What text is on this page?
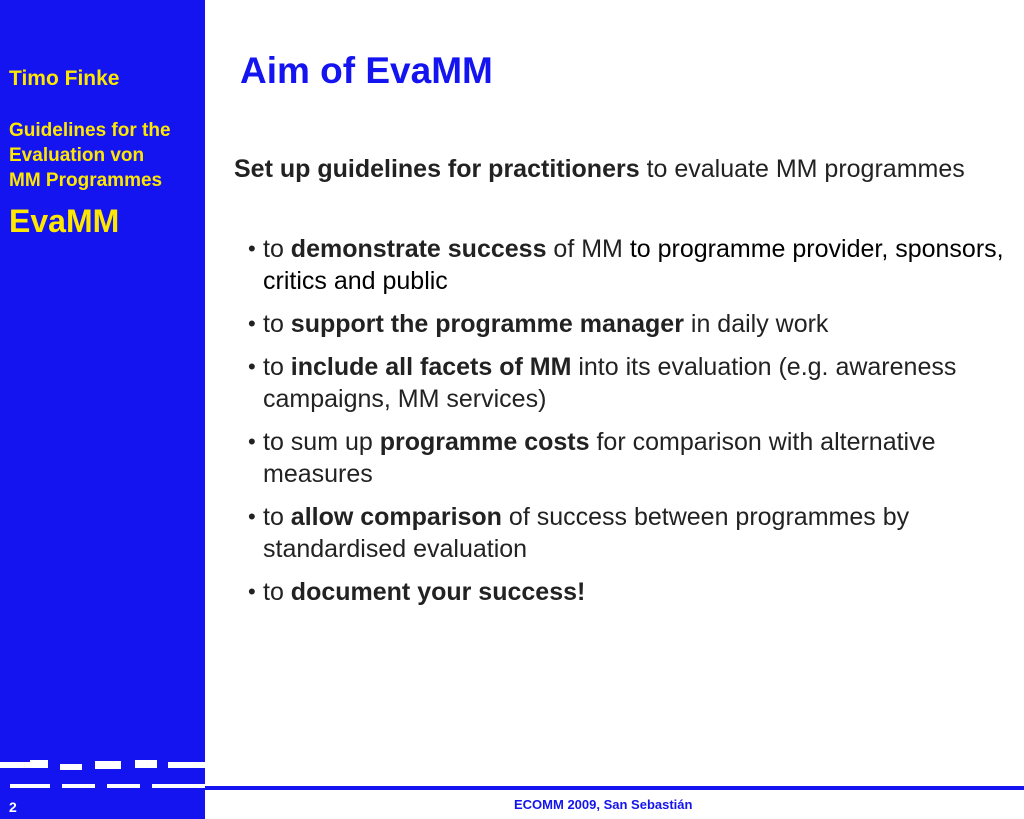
Timo Finke
Guidelines for the
Evaluation von
MM Programmes
EvaMM
2	ECOMM 2009, San Sebastián
Aim of EvaMM

Set up guidelines for practitioners to evaluate MM programmes

• to demonstrate success of MM to programme provider, sponsors, critics and public
• to support the programme manager in daily work
• to include all facets of MM into its evaluation (e.g. awareness campaigns, MM services)
• to sum up programme costs for comparison with alternative measures
• to allow comparison of success between programmes by standardised evaluation
• to document your success!
